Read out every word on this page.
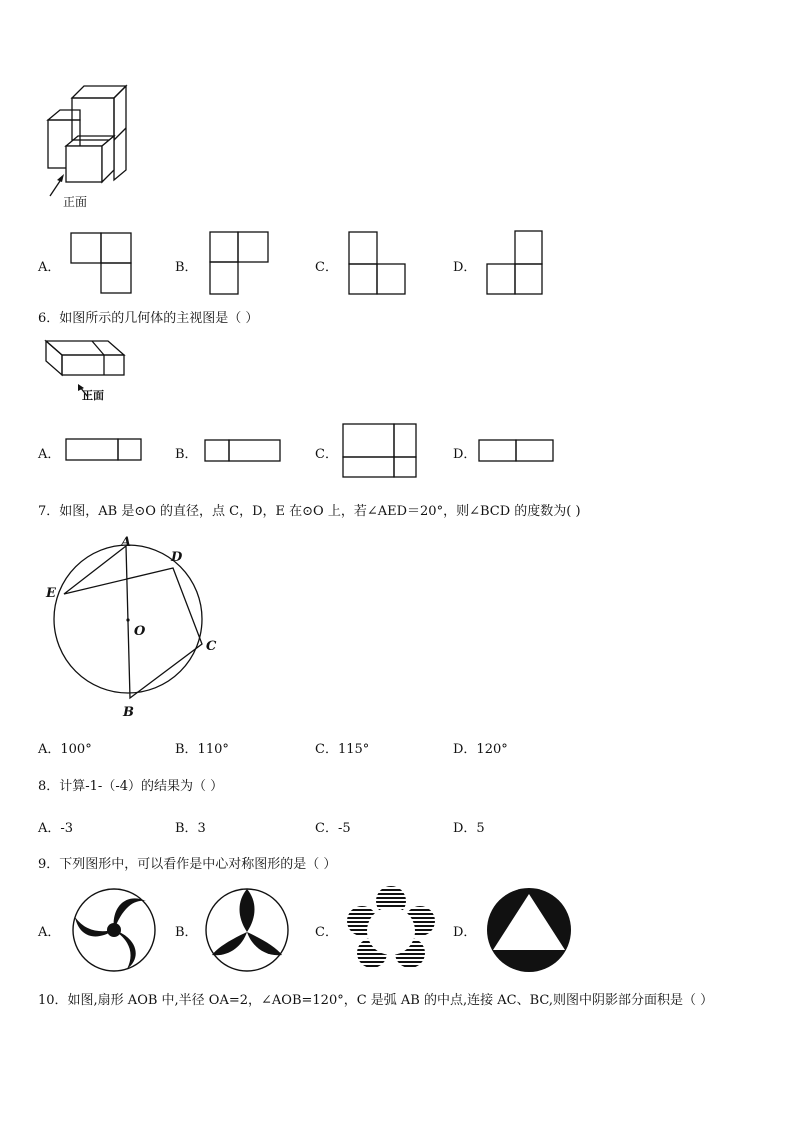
正面
A．	B．	C．	D．
6．如图所示的几何体的主视图是（ ）
正面
A．	B．	C．	D．
7．如图，AB 是⊙O 的直径，点 C，D，E 在⊙O 上，若∠AED＝20°，则∠BCD 的度数为( )
A
D
E
O
C
B
A．100°	B．110°	C．115°	D．120°
8．计算-1-（-4）的结果为（ ）
A．-3	B．3	C．-5	D．5
9．下列图形中，可以看作是中心对称图形的是（ ）
A．	B．	C．	D．
10．如图,扇形 AOB 中,半径 OA=2，∠AOB=120°，C 是弧 AB 的中点,连接 AC、BC,则图中阴影部分面积是（ ）
